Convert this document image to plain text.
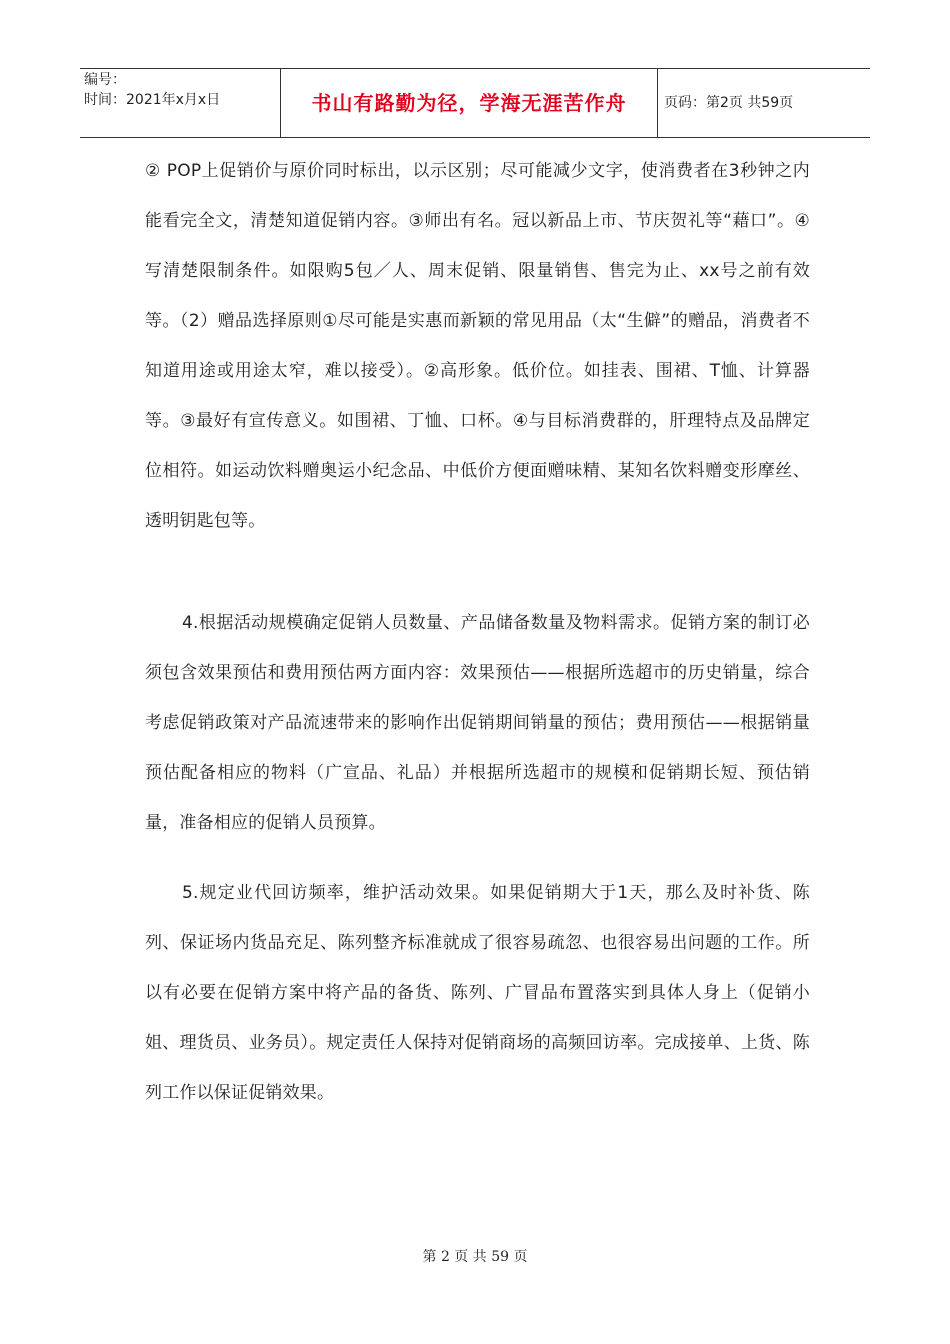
编号：
时间：2021年x月x日	书山有路勤为径，学海无涯苦作舟	页码：第2页 共59页

② POP上促销价与原价同时标出，以示区别；尽可能减少文字，使消费者在3秒钟之内能看完全文，清楚知道促销内容。③师出有名。冠以新品上市、节庆贺礼等“藉口”。④写清楚限制条件。如限购5包／人、周末促销、限量销售、售完为止、xx号之前有效等。（2）赠品选择原则①尽可能是实惠而新颖的常见用品（太“生僻”的赠品，消费者不知道用途或用途太窄，难以接受）。②高形象。低价位。如挂表、围裙、T恤、计算器等。③最好有宣传意义。如围裙、丁恤、口杯。④与目标消费群的，肝理特点及品牌定位相符。如运动饮料赠奥运小纪念品、中低价方便面赠味精、某知名饮料赠变形摩丝、透明钥匙包等。

4.根据活动规模确定促销人员数量、产品储备数量及物料需求。促销方案的制订必须包含效果预估和费用预估两方面内容：效果预估——根据所选超市的历史销量，综合考虑促销政策对产品流速带来的影响作出促销期间销量的预估；费用预估——根据销量预估配备相应的物料（广宣品、礼品）并根据所选超市的规模和促销期长短、预估销量，准备相应的促销人员预算。

5.规定业代回访频率，维护活动效果。如果促销期大于1天，那么及时补货、陈列、保证场内货品充足、陈列整齐标准就成了很容易疏忽、也很容易出问题的工作。所以有必要在促销方案中将产品的备货、陈列、广冒品布置落实到具体人身上（促销小姐、理货员、业务员）。规定责任人保持对促销商场的高频回访率。完成接单、上货、陈列工作以保证促销效果。

第 2 页 共 59 页
